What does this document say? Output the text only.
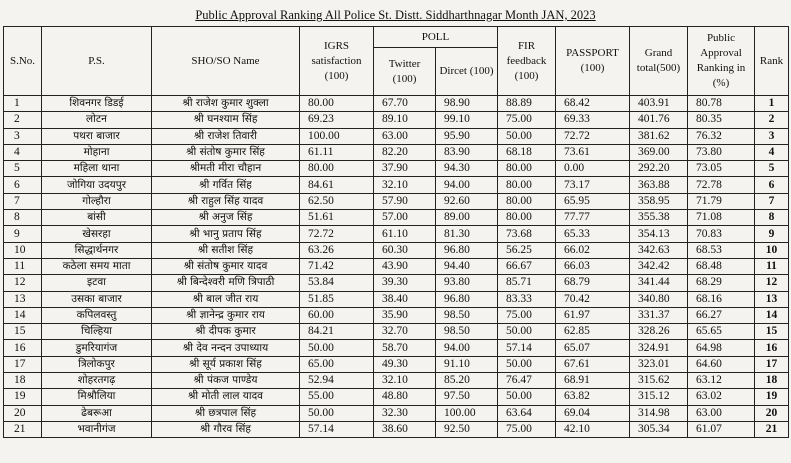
Public Approval Ranking All Police St. Distt. Siddharthnagar Month JAN, 2023
S.No.	P.S.	SHO/SO Name	IGRS satisfaction (100)	POLL		FIR feedback (100)	PASSPORT (100)	Grand total(500)	Public Approval Ranking in (%)	Rank
				Twitter (100)	Dircet (100)					
1	शिवनगर डिडई	श्री राजेश कुमार शुक्ला	80.00	67.70	98.90	88.89	68.42	403.91	80.78	1
2	लोटन	श्री घनश्याम सिंह	69.23	89.10	99.10	75.00	69.33	401.76	80.35	2
3	पथरा बाजार	श्री राजेश तिवारी	100.00	63.00	95.90	50.00	72.72	381.62	76.32	3
4	मोहाना	श्री संतोष कुमार सिंह	61.11	82.20	83.90	68.18	73.61	369.00	73.80	4
5	महिला थाना	श्रीमती मीरा चौहान	80.00	37.90	94.30	80.00	0.00	292.20	73.05	5
6	जोगिया उदयपुर	श्री गर्वित सिंह	84.61	32.10	94.00	80.00	73.17	363.88	72.78	6
7	गोल्हौरा	श्री राहुल सिंह यादव	62.50	57.90	92.60	80.00	65.95	358.95	71.79	7
8	बांसी	श्री अनुज सिंह	51.61	57.00	89.00	80.00	77.77	355.38	71.08	8
9	खेसरहा	श्री भानु प्रताप सिंह	72.72	61.10	81.30	73.68	65.33	354.13	70.83	9
10	सिद्धार्थनगर	श्री सतीश सिंह	63.26	60.30	96.80	56.25	66.02	342.63	68.53	10
11	कठेला समय माता	श्री संतोष कुमार यादव	71.42	43.90	94.40	66.67	66.03	342.42	68.48	11
12	इटवा	श्री बिन्देश्वरी मणि त्रिपाठी	53.84	39.30	93.80	85.71	68.79	341.44	68.29	12
13	उसका बाजार	श्री बाल जीत राय	51.85	38.40	96.80	83.33	70.42	340.80	68.16	13
14	कपिलवस्तु	श्री ज्ञानेन्द्र कुमार राय	60.00	35.90	98.50	75.00	61.97	331.37	66.27	14
15	चिल्हिया	श्री दीपक कुमार	84.21	32.70	98.50	50.00	62.85	328.26	65.65	15
16	डुमरियागंज	श्री देव नन्दन उपाध्याय	50.00	58.70	94.00	57.14	65.07	324.91	64.98	16
17	त्रिलोकपुर	श्री सूर्य प्रकाश सिंह	65.00	49.30	91.10	50.00	67.61	323.01	64.60	17
18	शोहरतगढ़	श्री पंकज पाण्डेय	52.94	32.10	85.20	76.47	68.91	315.62	63.12	18
19	मिश्रौलिया	श्री मोती लाल यादव	55.00	48.80	97.50	50.00	63.82	315.12	63.02	19
20	ढेबरूआ	श्री छत्रपाल सिंह	50.00	32.30	100.00	63.64	69.04	314.98	63.00	20
21	भवानीगंज	श्री गौरव सिंह	57.14	38.60	92.50	75.00	42.10	305.34	61.07	21
